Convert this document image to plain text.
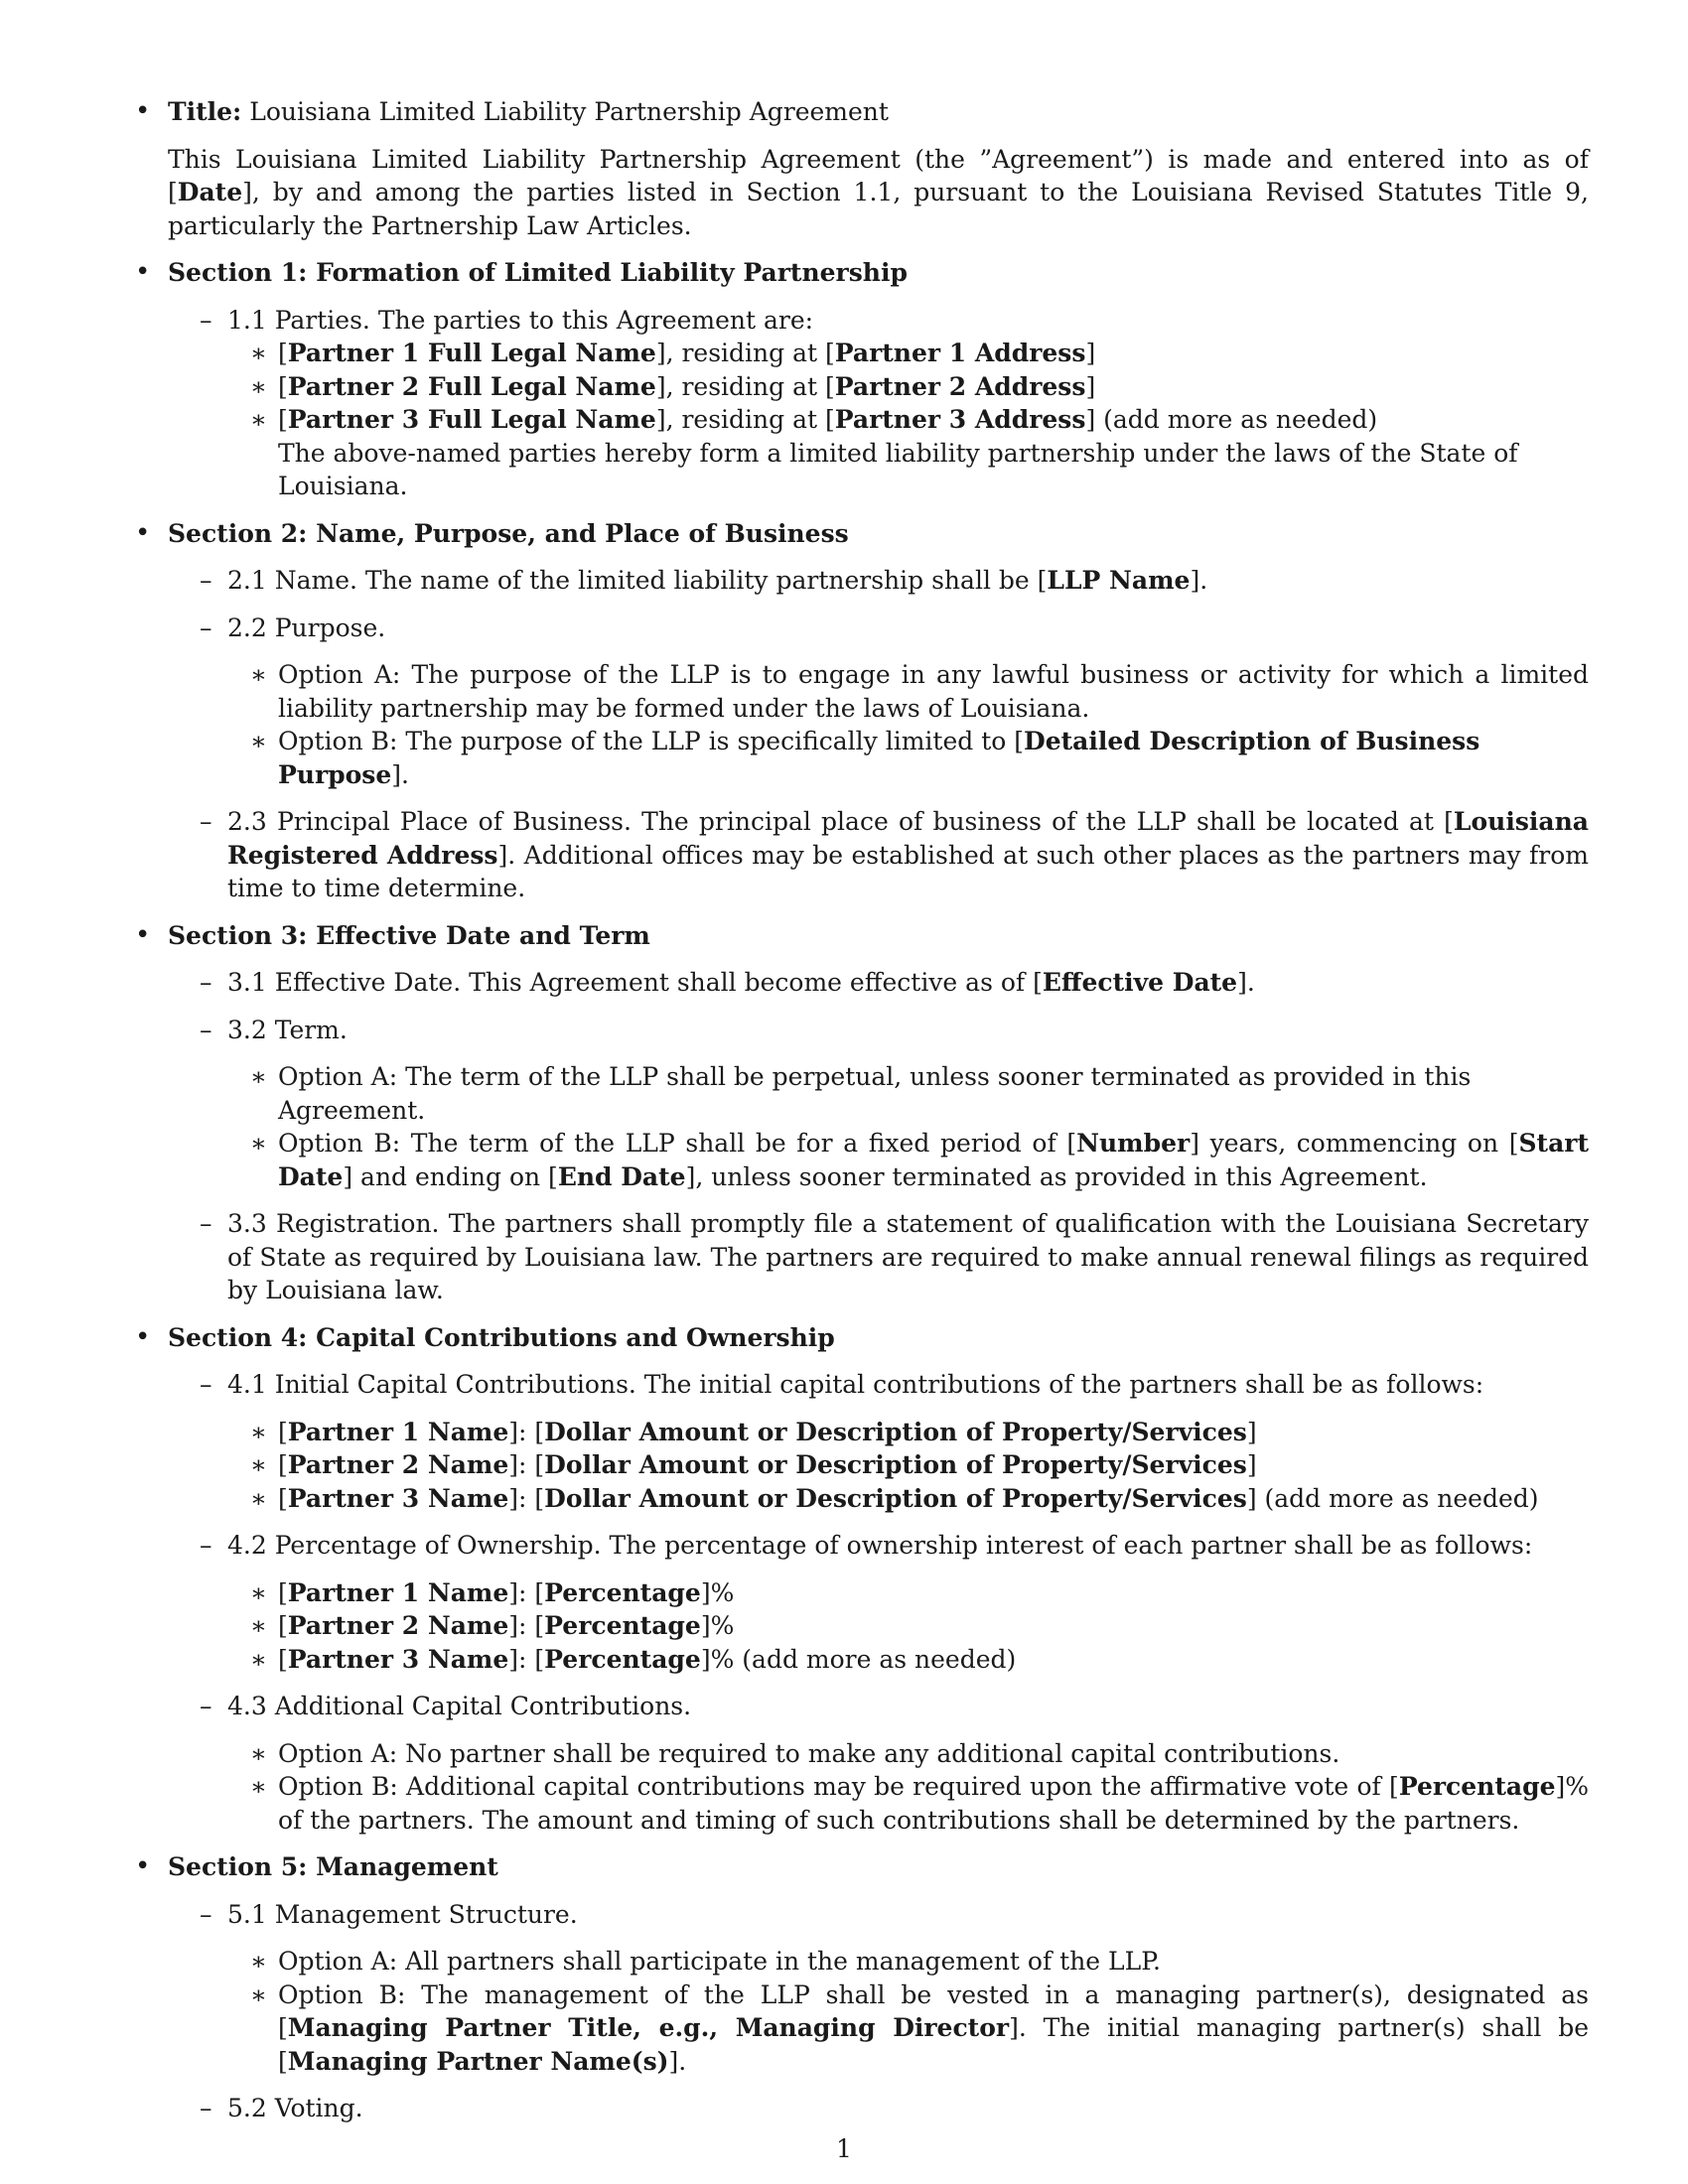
• Title: Louisiana Limited Liability Partnership Agreement
This Louisiana Limited Liability Partnership Agreement (the ”Agreement”) is made and entered into as of [Date], by and among the parties listed in Section 1.1, pursuant to the Louisiana Revised Statutes Title 9, particularly the Partnership Law Articles.
• Section 1: Formation of Limited Liability Partnership
– 1.1 Parties. The parties to this Agreement are:
∗ [Partner 1 Full Legal Name], residing at [Partner 1 Address]
∗ [Partner 2 Full Legal Name], residing at [Partner 2 Address]
∗ [Partner 3 Full Legal Name], residing at [Partner 3 Address] (add more as needed)
The above-named parties hereby form a limited liability partnership under the laws of the State of Louisiana.
• Section 2: Name, Purpose, and Place of Business
– 2.1 Name. The name of the limited liability partnership shall be [LLP Name].
– 2.2 Purpose.
∗ Option A: The purpose of the LLP is to engage in any lawful business or activity for which a limited liability partnership may be formed under the laws of Louisiana.
∗ Option B: The purpose of the LLP is specifically limited to [Detailed Description of Business Purpose].
– 2.3 Principal Place of Business. The principal place of business of the LLP shall be located at [Louisiana Registered Address]. Additional offices may be established at such other places as the partners may from time to time determine.
• Section 3: Effective Date and Term
– 3.1 Effective Date. This Agreement shall become effective as of [Effective Date].
– 3.2 Term.
∗ Option A: The term of the LLP shall be perpetual, unless sooner terminated as provided in this Agreement.
∗ Option B: The term of the LLP shall be for a fixed period of [Number] years, commencing on [Start Date] and ending on [End Date], unless sooner terminated as provided in this Agreement.
– 3.3 Registration. The partners shall promptly file a statement of qualification with the Louisiana Secretary of State as required by Louisiana law. The partners are required to make annual renewal filings as required by Louisiana law.
• Section 4: Capital Contributions and Ownership
– 4.1 Initial Capital Contributions. The initial capital contributions of the partners shall be as follows:
∗ [Partner 1 Name]: [Dollar Amount or Description of Property/Services]
∗ [Partner 2 Name]: [Dollar Amount or Description of Property/Services]
∗ [Partner 3 Name]: [Dollar Amount or Description of Property/Services] (add more as needed)
– 4.2 Percentage of Ownership. The percentage of ownership interest of each partner shall be as follows:
∗ [Partner 1 Name]: [Percentage]%
∗ [Partner 2 Name]: [Percentage]%
∗ [Partner 3 Name]: [Percentage]% (add more as needed)
– 4.3 Additional Capital Contributions.
∗ Option A: No partner shall be required to make any additional capital contributions.
∗ Option B: Additional capital contributions may be required upon the affirmative vote of [Percentage]% of the partners. The amount and timing of such contributions shall be determined by the partners.
• Section 5: Management
– 5.1 Management Structure.
∗ Option A: All partners shall participate in the management of the LLP.
∗ Option B: The management of the LLP shall be vested in a managing partner(s), designated as [Managing Partner Title, e.g., Managing Director]. The initial managing partner(s) shall be [Managing Partner Name(s)].
– 5.2 Voting.
1
